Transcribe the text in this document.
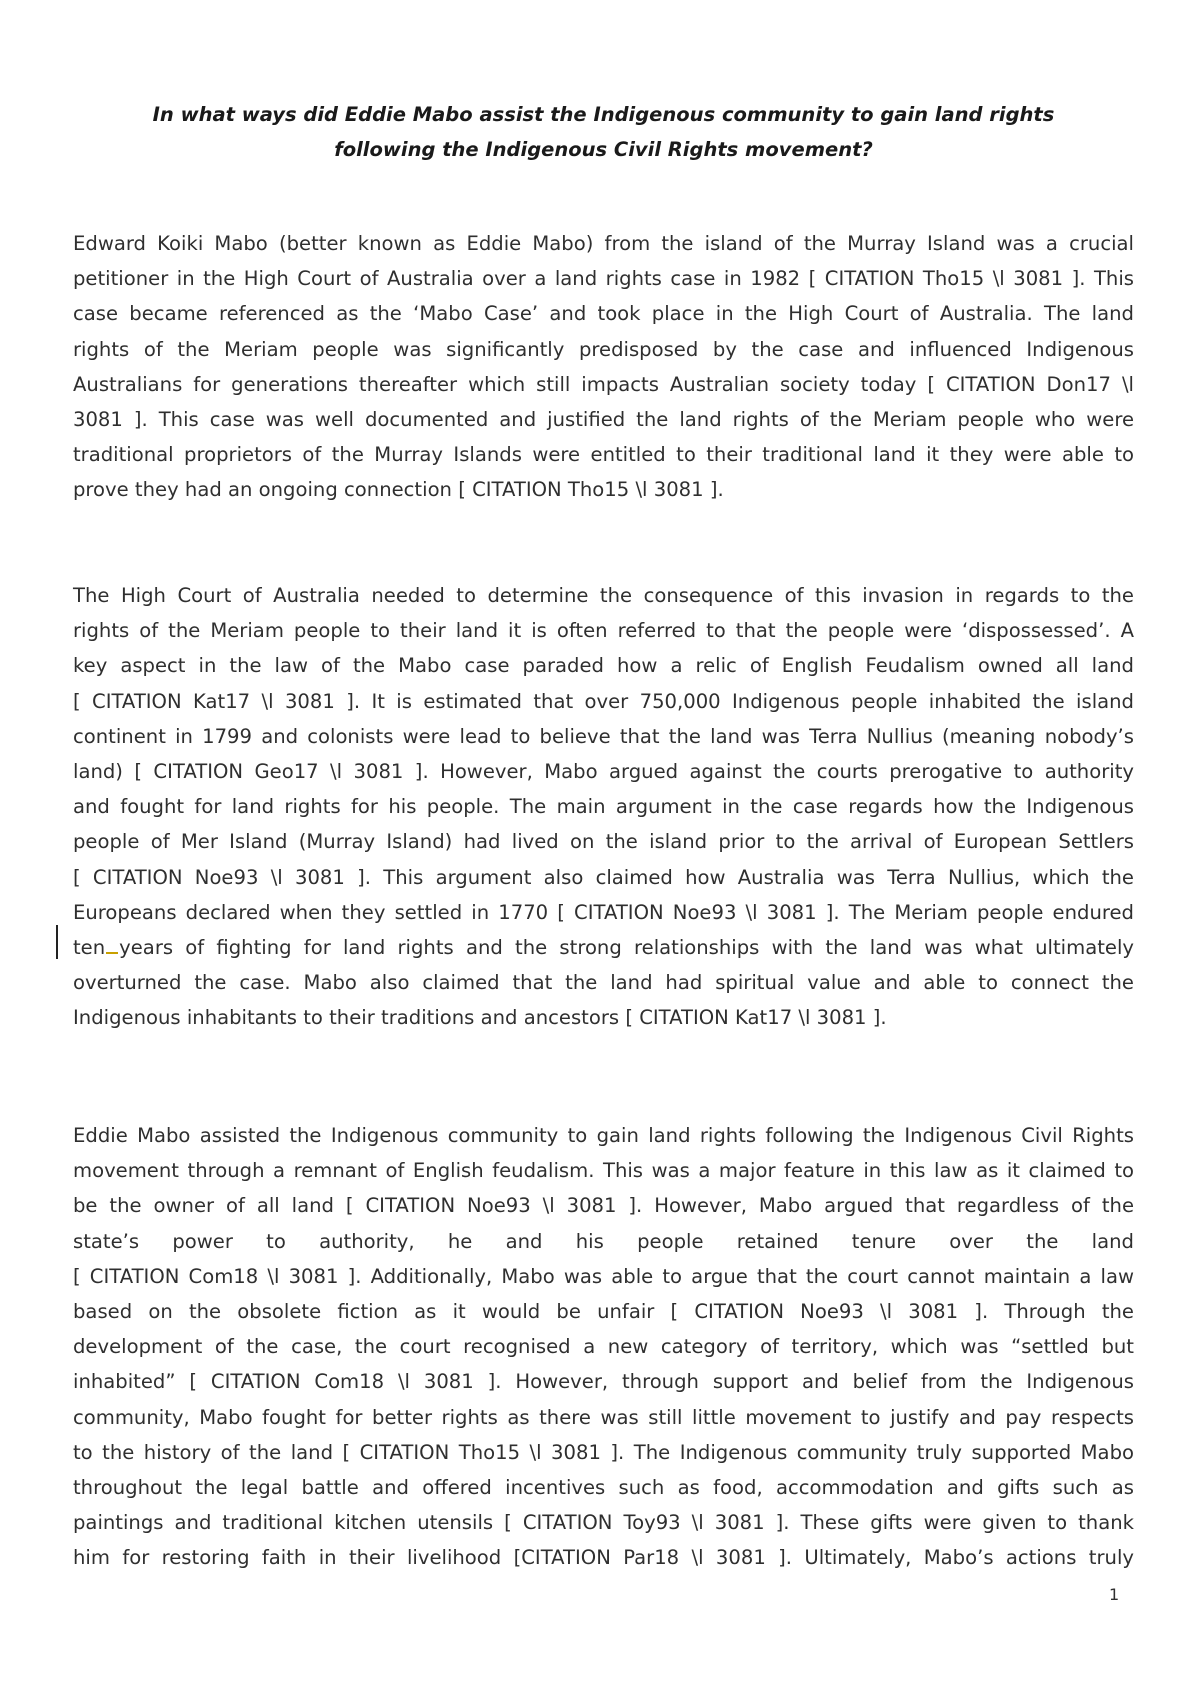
In what ways did Eddie Mabo assist the Indigenous community to gain land rights
following the Indigenous Civil Rights movement?
Edward Koiki Mabo (better known as Eddie Mabo) from the island of the Murray Island was a crucial
petitioner in the High Court of Australia over a land rights case in 1982 [ CITATION Tho15 \l 3081 ]. This
case became referenced as the ‘Mabo Case’ and took place in the High Court of Australia. The land
rights of the Meriam people was significantly predisposed by the case and influenced Indigenous
Australians for generations thereafter which still impacts Australian society today [ CITATION Don17 \l
3081 ]. This case was well documented and justified the land rights of the Meriam people who were
traditional proprietors of the Murray Islands were entitled to their traditional land it they were able to
prove they had an ongoing connection [ CITATION Tho15 \l 3081 ].
The High Court of Australia needed to determine the consequence of this invasion in regards to the
rights of the Meriam people to their land it is often referred to that the people were ‘dispossessed’. A
key aspect in the law of the Mabo case paraded how a relic of English Feudalism owned all land
[ CITATION Kat17 \l 3081 ]. It is estimated that over 750,000 Indigenous people inhabited the island
continent in 1799 and colonists were lead to believe that the land was Terra Nullius (meaning nobody’s
land) [ CITATION Geo17 \l 3081 ]. However, Mabo argued against the courts prerogative to authority
and fought for land rights for his people. The main argument in the case regards how the Indigenous
people of Mer Island (Murray Island) had lived on the island prior to the arrival of European Settlers
[ CITATION Noe93 \l 3081 ]. This argument also claimed how Australia was Terra Nullius, which the
Europeans declared when they settled in 1770 [ CITATION Noe93 \l 3081 ]. The Meriam people endured
ten years of fighting for land rights and the strong relationships with the land was what ultimately
overturned the case. Mabo also claimed that the land had spiritual value and able to connect the
Indigenous inhabitants to their traditions and ancestors [ CITATION Kat17 \l 3081 ].
Eddie Mabo assisted the Indigenous community to gain land rights following the Indigenous Civil Rights
movement through a remnant of English feudalism. This was a major feature in this law as it claimed to
be the owner of all land [ CITATION Noe93 \l 3081 ]. However, Mabo argued that regardless of the
state’s power to authority, he and his people retained tenure over the land
[ CITATION Com18 \l 3081 ]. Additionally, Mabo was able to argue that the court cannot maintain a law
based on the obsolete fiction as it would be unfair [ CITATION Noe93 \l 3081 ]. Through the
development of the case, the court recognised a new category of territory, which was “settled but
inhabited” [ CITATION Com18 \l 3081 ]. However, through support and belief from the Indigenous
community, Mabo fought for better rights as there was still little movement to justify and pay respects
to the history of the land [ CITATION Tho15 \l 3081 ]. The Indigenous community truly supported Mabo
throughout the legal battle and offered incentives such as food, accommodation and gifts such as
paintings and traditional kitchen utensils [ CITATION Toy93 \l 3081 ]. These gifts were given to thank
him for restoring faith in their livelihood [CITATION Par18 \l 3081 ]. Ultimately, Mabo’s actions truly
1
